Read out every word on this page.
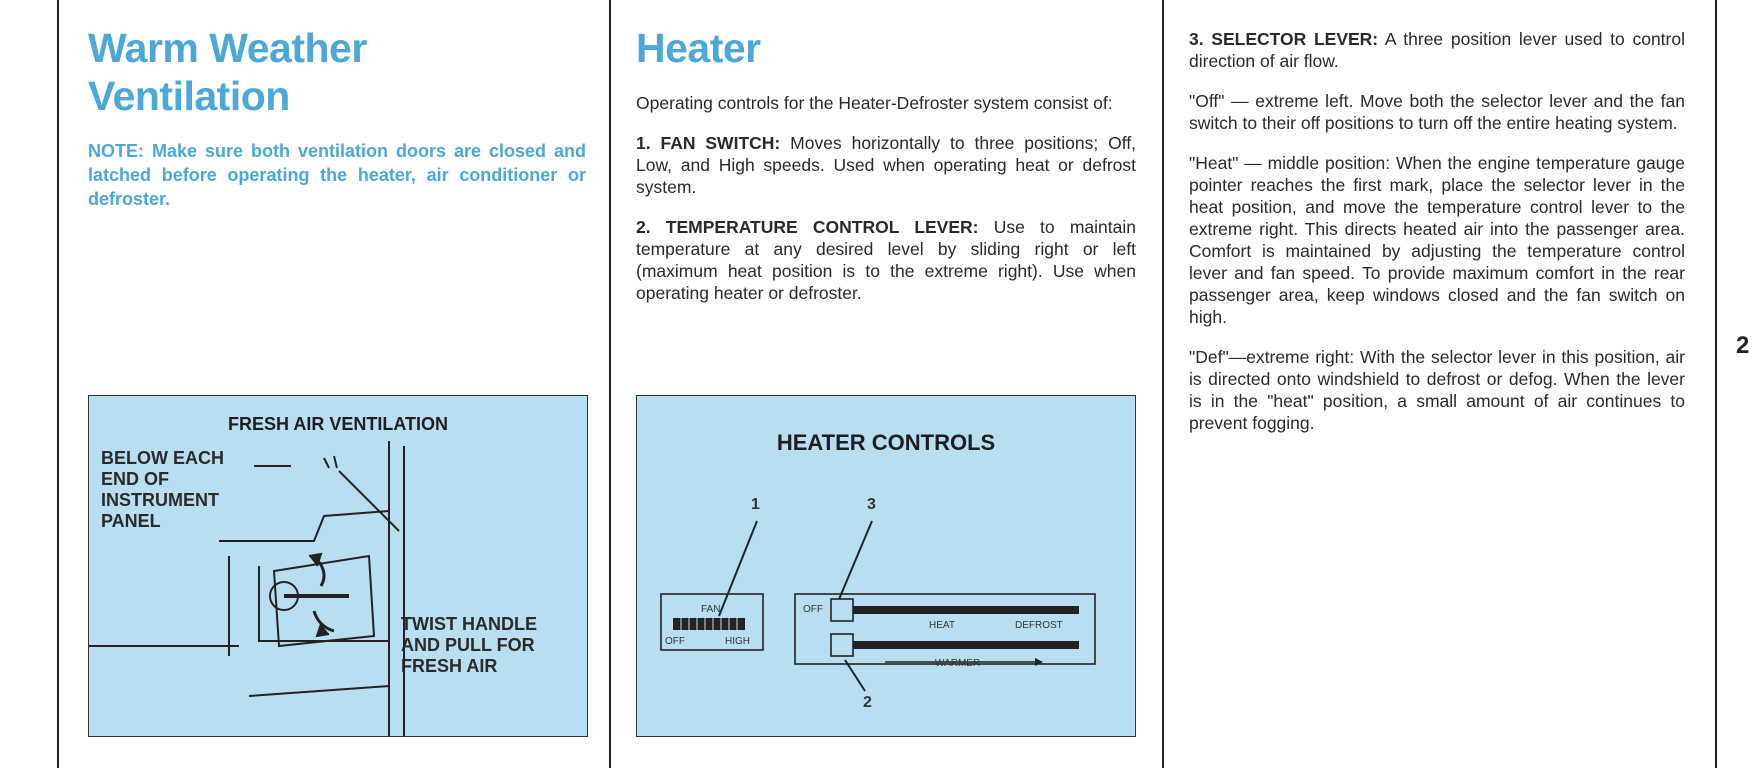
Warm Weather
Ventilation
NOTE: Make sure both ventilation doors are closed and latched before operating the heater, air conditioner or defroster.
FRESH AIR VENTILATION
BELOW EACH
END OF
INSTRUMENT
PANEL
TWIST HANDLE
AND PULL FOR
FRESH AIR
Heater

Operating controls for the Heater-Defroster system consist of:

1. FAN SWITCH: Moves horizontally to three positions; Off, Low, and High speeds. Used when operating heat or defrost system.

2. TEMPERATURE CONTROL LEVER: Use to maintain temperature at any desired level by sliding right or left (maximum heat position is to the extreme right). Use when operating heater or defroster.

HEATER CONTROLS
1	3
2
FAN
OFF	HIGH
OFF
HEAT	DEFROST
WARMER

3. SELECTOR LEVER: A three position lever used to control direction of air flow.

"Off" — extreme left. Move both the selector lever and the fan switch to their off positions to turn off the entire heating system.

"Heat" — middle position: When the engine temperature gauge pointer reaches the first mark, place the selector lever in the heat position, and move the temperature control lever to the extreme right. This directs heated air into the passenger area. Comfort is maintained by adjusting the temperature control lever and fan speed. To provide maximum comfort in the rear passenger area, keep windows closed and the fan switch on high.

"Def"—extreme right: With the selector lever in this position, air is directed onto windshield to defrost or defog. When the lever is in the "heat" position, a small amount of air continues to prevent fogging.

2
